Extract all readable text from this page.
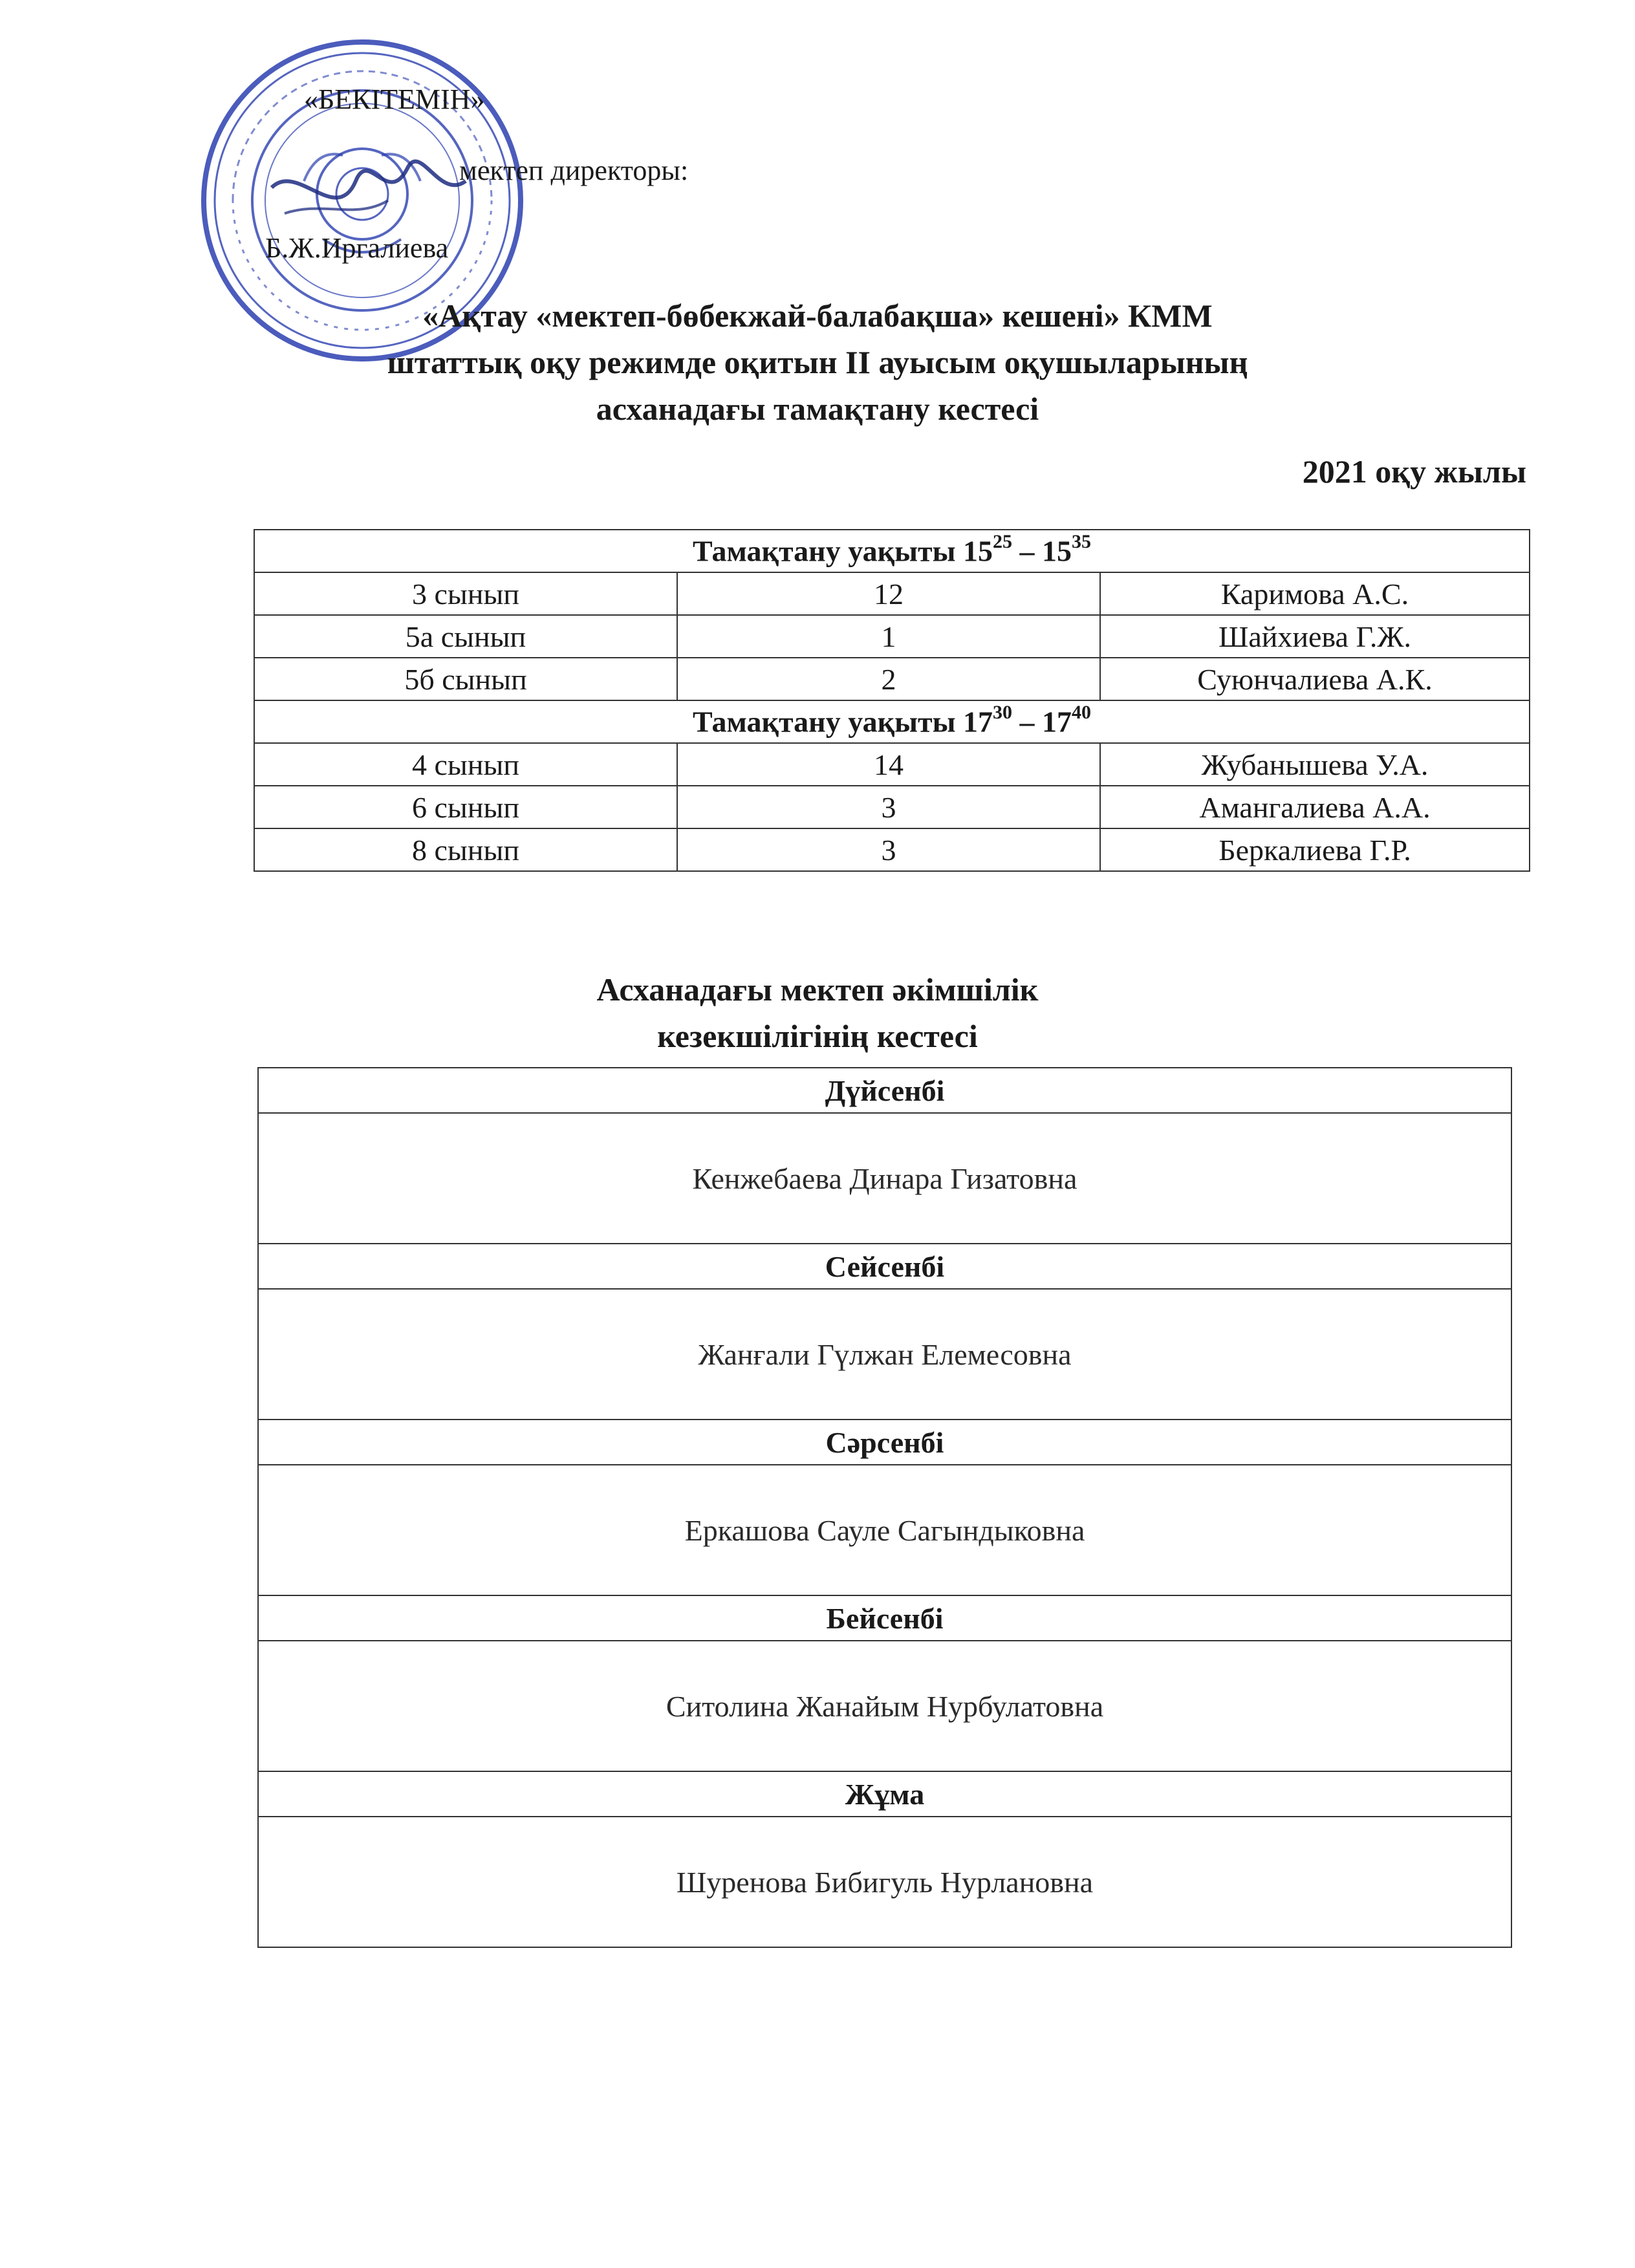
«БЕКІТЕМІН»
мектеп директоры:
Б.Ж.Иргалиева
«Ақтау «мектеп-бөбекжай-балабақша» кешені» КММ
штаттық оқу режимде оқитын ІІ ауысым оқушыларының
асханадағы тамақтану кестесі
2021 оқу жылы
Тамақтану уақыты $15^{25} - 15^{35}$
3 сынып	12	Каримова А.С.
5а сынып	1	Шайхиева Г.Ж.
5б сынып	2	Суюнчалиева А.К.
Тамақтану уақыты $17^{30} - 17^{40}$
4 сынып	14	Жубанышева У.А.
6 сынып	3	Амангалиева А.А.
8 сынып	3	Беркалиева Г.Р.
Асханадағы мектеп әкімшілік
кезекшілігінің кестесі
Дүйсенбі
Кенжебаева Динара Гизатовна
Сейсенбі
Жанғали Гүлжан Елемесовна
Сәрсенбі
Еркашова Сауле Сагындыковна
Бейсенбі
Ситолина Жанайым Нурбулатовна
Жұма
Шуренова Бибигуль Нурлановна
